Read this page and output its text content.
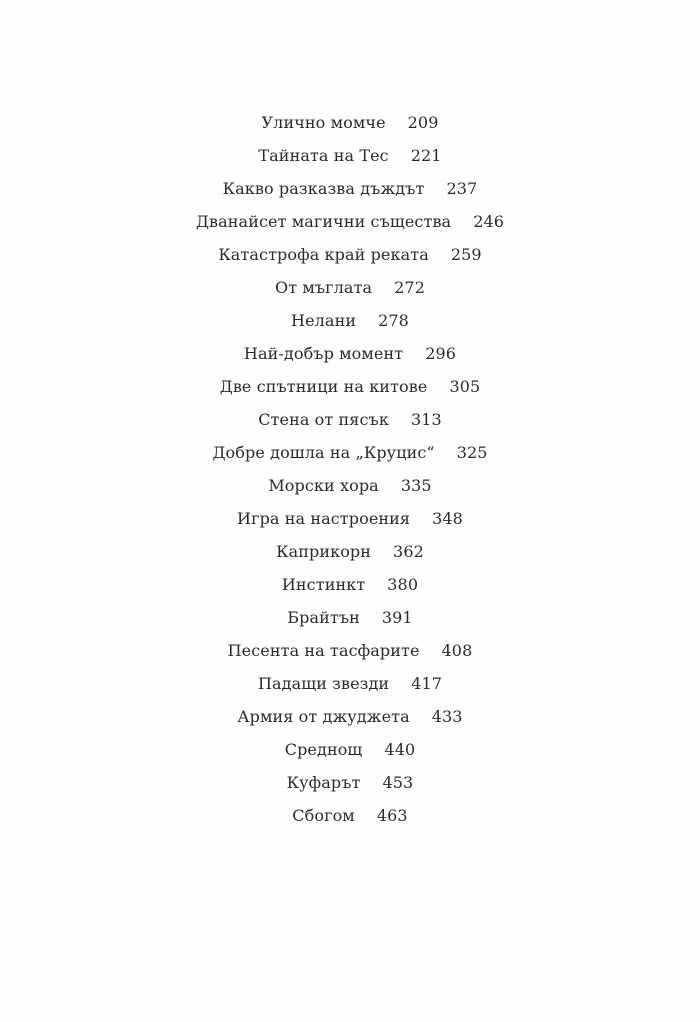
Улично момче 209
Тайната на Тес 221
Какво разказва дъждът 237
Дванайсет магични същества 246
Катастрофа край реката 259
От мъглата 272
Нелани 278
Най-добър момент 296
Две спътници на китове 305
Стена от пясък 313
Добре дошла на „Круцис“ 325
Морски хора 335
Игра на настроения 348
Каприкорн 362
Инстинкт 380
Брайтън 391
Песента на тасфарите 408
Падащи звезди 417
Армия от джуджета 433
Среднощ 440
Куфарът 453
Сбогом 463
